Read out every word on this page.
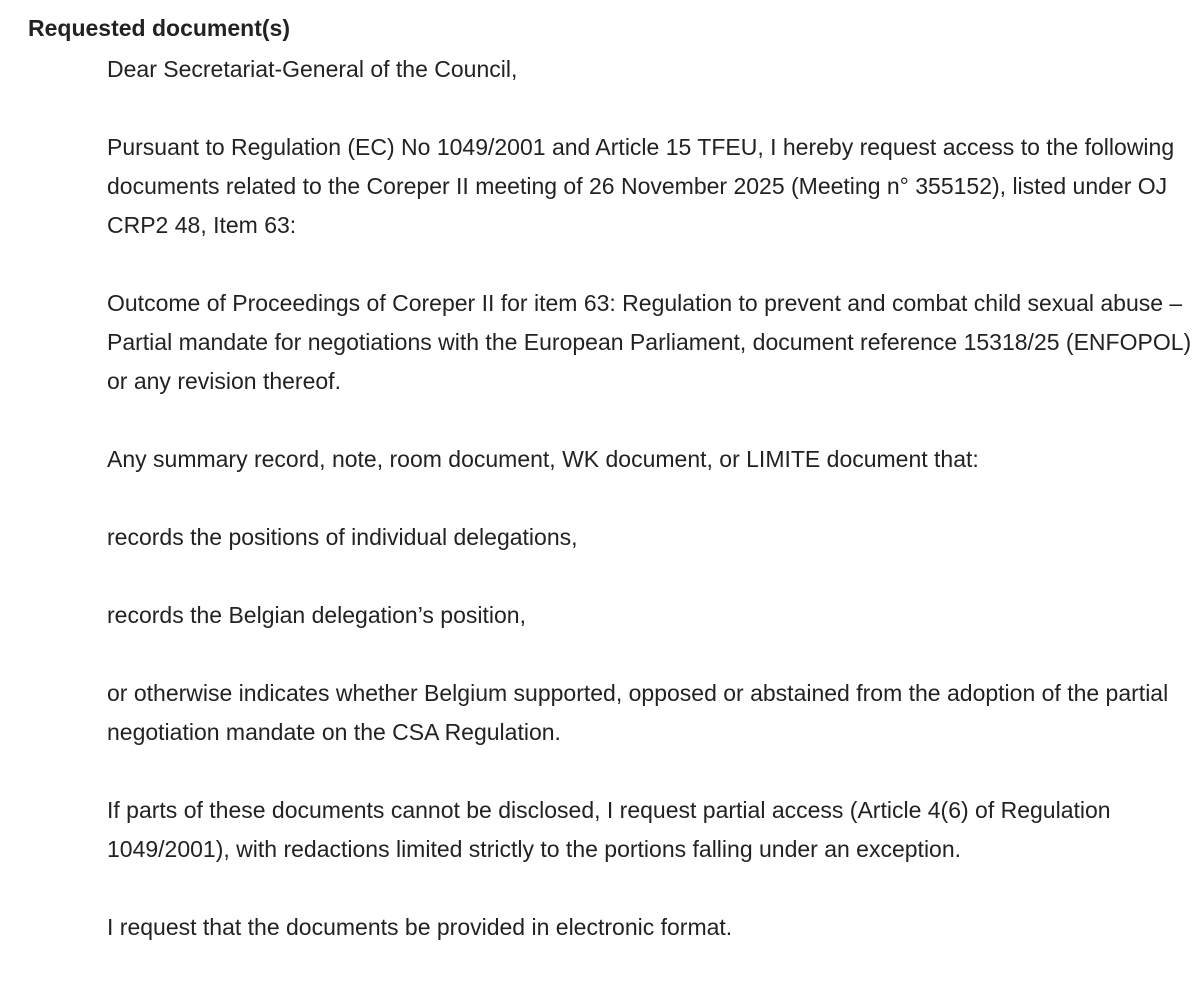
Requested document(s)

Dear Secretariat-General of the Council,

Pursuant to Regulation (EC) No 1049/2001 and Article 15 TFEU, I hereby request access to the following documents related to the Coreper II meeting of 26 November 2025 (Meeting n° 355152), listed under OJ CRP2 48, Item 63:

Outcome of Proceedings of Coreper II for item 63: Regulation to prevent and combat child sexual abuse – Partial mandate for negotiations with the European Parliament, document reference 15318/25 (ENFOPOL) or any revision thereof.

Any summary record, note, room document, WK document, or LIMITE document that:

records the positions of individual delegations,

records the Belgian delegation’s position,

or otherwise indicates whether Belgium supported, opposed or abstained from the adoption of the partial negotiation mandate on the CSA Regulation.

If parts of these documents cannot be disclosed, I request partial access (Article 4(6) of Regulation 1049/2001), with redactions limited strictly to the portions falling under an exception.

I request that the documents be provided in electronic format.
